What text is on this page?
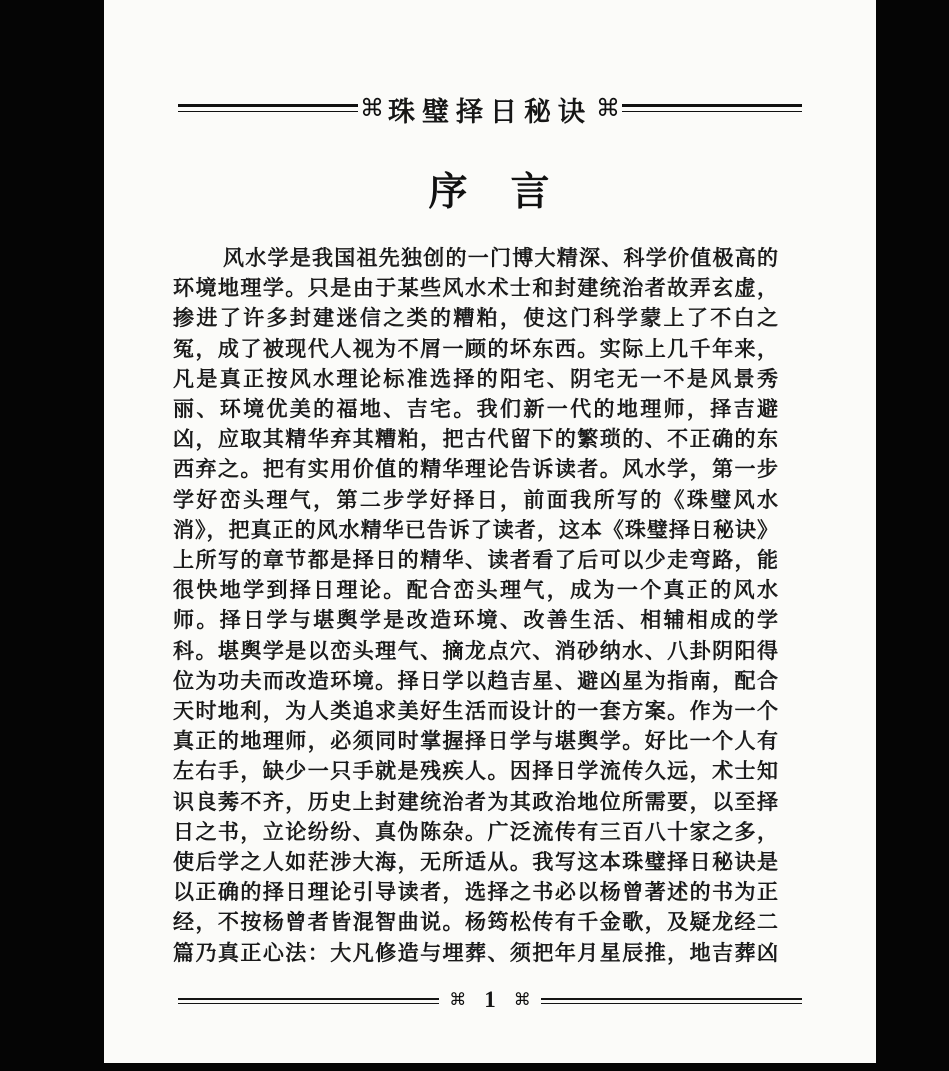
⌘ 珠璧择日秘诀 ⌘
序　言
风水学是我国祖先独创的一门博大精深、科学价值极高的
环境地理学。只是由于某些风水术士和封建统治者故弄玄虚，
掺进了许多封建迷信之类的糟粕，使这门科学蒙上了不白之
冤，成了被现代人视为不屑一顾的坏东西。实际上几千年来，
凡是真正按风水理论标准选择的阳宅、阴宅无一不是风景秀
丽、环境优美的福地、吉宅。我们新一代的地理师，择吉避
凶，应取其精华弃其糟粕，把古代留下的繁琐的、不正确的东
西弃之。把有实用价值的精华理论告诉读者。风水学，第一步
学好峦头理气，第二步学好择日，前面我所写的《珠璧风水
消》，把真正的风水精华已告诉了读者，这本《珠璧择日秘诀》
上所写的章节都是择日的精华、读者看了后可以少走弯路，能
很快地学到择日理论。配合峦头理气，成为一个真正的风水
师。择日学与堪舆学是改造环境、改善生活、相辅相成的学
科。堪舆学是以峦头理气、摘龙点穴、消砂纳水、八卦阴阳得
位为功夫而改造环境。择日学以趋吉星、避凶星为指南，配合
天时地利，为人类追求美好生活而设计的一套方案。作为一个
真正的地理师，必须同时掌握择日学与堪舆学。好比一个人有
左右手，缺少一只手就是残疾人。因择日学流传久远，术士知
识良莠不齐，历史上封建统治者为其政治地位所需要，以至择
日之书，立论纷纷、真伪陈杂。广泛流传有三百八十家之多，
使后学之人如茫涉大海，无所适从。我写这本珠璧择日秘诀是
以正确的择日理论引导读者，选择之书必以杨曾著述的书为正
经，不按杨曾者皆混智曲说。杨筠松传有千金歌，及疑龙经二
篇乃真正心法：大凡修造与埋葬、须把年月星辰推，地吉葬凶
⌘ 1	⌘
